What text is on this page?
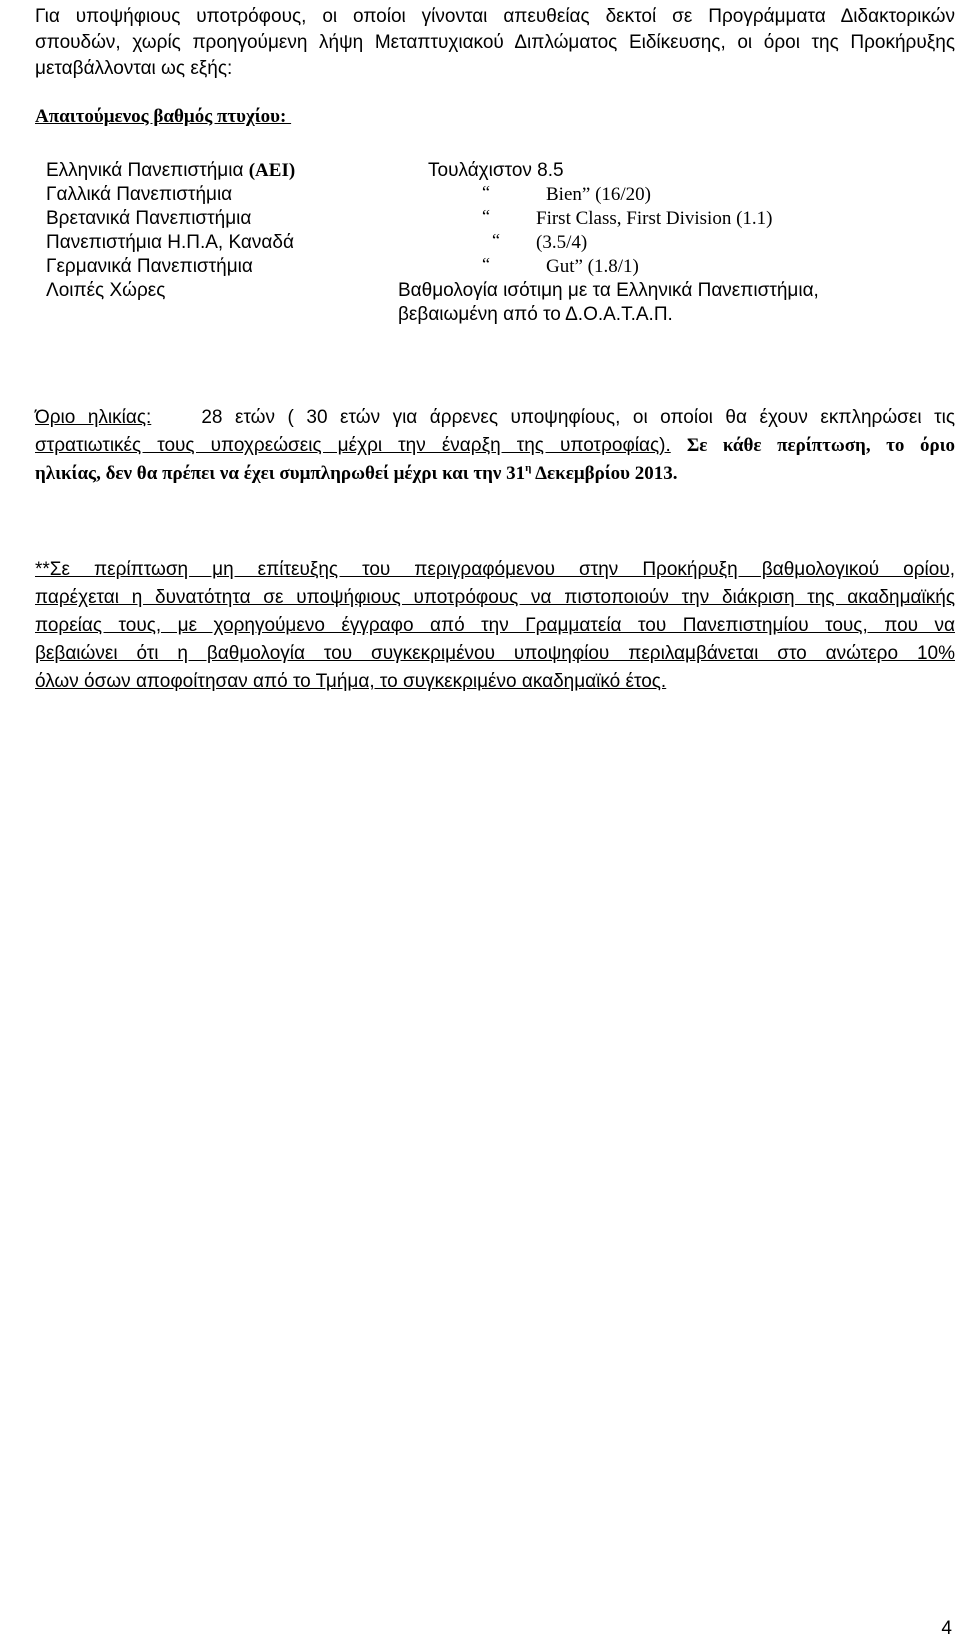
Για υποψήφιους υποτρόφους, οι οποίοι γίνονται απευθείας δεκτοί σε Προγράμματα Διδακτορικών
σπουδών, χωρίς προηγούμενη λήψη Μεταπτυχιακού Διπλώματος Ειδίκευσης, οι όροι της Προκήρυξης
μεταβάλλονται ως εξής:
Απαιτούμενος βαθμός πτυχίου:
Ελληνικά Πανεπιστήμια (ΑΕΙ)	Τουλάχιστον 8.5
Γαλλικά Πανεπιστήμια	“	Bien” (16/20)
Βρετανικά Πανεπιστήμια	“ First Class, First Division (1.1)
Πανεπιστήμια Η.Π.Α, Καναδά	“ (3.5/4)
Γερμανικά Πανεπιστήμια	“	Gut” (1.8/1)
Λοιπές Χώρες	Βαθμολογία ισότιμη με τα Ελληνικά Πανεπιστήμια,
βεβαιωμένη από το Δ.Ο.Α.Τ.Α.Π.
Όριο ηλικίας:	28 ετών ( 30 ετών για άρρενες υποψηφίους, οι οποίοι θα έχουν εκπληρώσει τις
στρατιωτικές τους υποχρεώσεις μέχρι την έναρξη της υποτροφίας). Σε κάθε περίπτωση, το όριο
ηλικίας, δεν θα πρέπει να έχει συμπληρωθεί μέχρι και την $31^\eta$ Δεκεμβρίου 2013.
**Σε περίπτωση μη επίτευξης του περιγραφόμενου στην Προκήρυξη βαθμολογικού ορίου,
παρέχεται η δυνατότητα σε υποψήφιους υποτρόφους να πιστοποιούν την διάκριση της ακαδημαϊκής
πορείας τους, με χορηγούμενο έγγραφο από την Γραμματεία του Πανεπιστημίου τους, που να
βεβαιώνει ότι η βαθμολογία του συγκεκριμένου υποψηφίου περιλαμβάνεται στο ανώτερο 10%
όλων όσων αποφοίτησαν από το Τμήμα, το συγκεκριμένο ακαδημαϊκό έτος.
4
